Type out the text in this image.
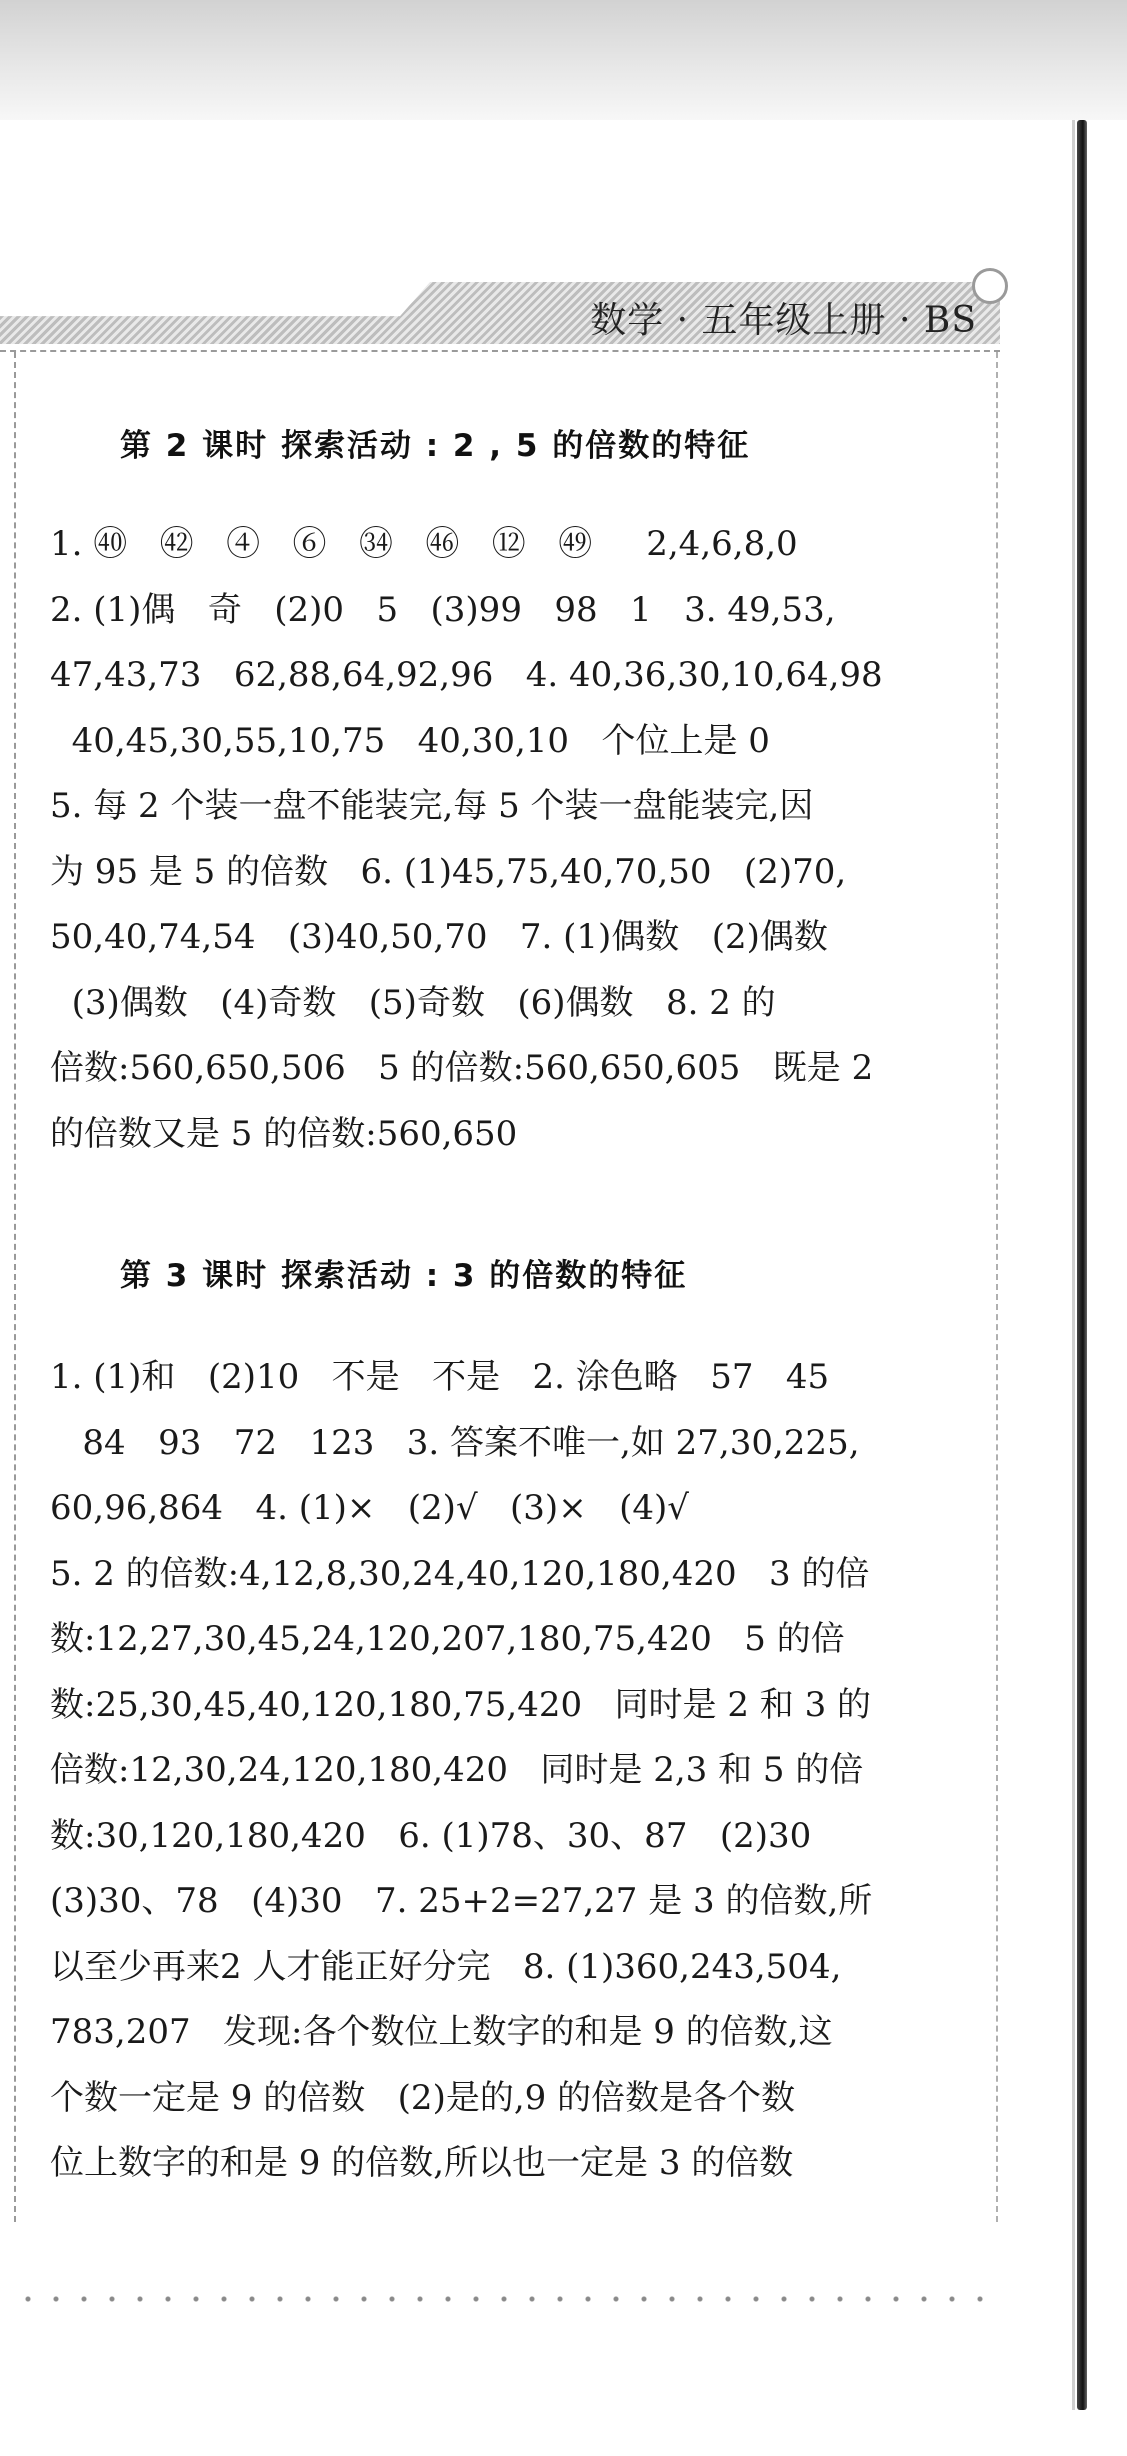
数学 · 五年级上册 · BS
第 2 课时 探索活动 : 2 , 5 的倍数的特征
1. ㊵   ㊷   ④   ⑥   ㉞   ㊻   ⑫   ㊾     2,4,6,8,0
2. (1)偶   奇   (2)0   5   (3)99   98   1   3. 49,53,
47,43,73   62,88,64,92,96   4. 40,36,30,10,64,98
40,45,30,55,10,75   40,30,10   个位上是 0
5. 每 2 个装一盘不能装完,每 5 个装一盘能装完,因
为 95 是 5 的倍数   6. (1)45,75,40,70,50   (2)70,
50,40,74,54   (3)40,50,70   7. (1)偶数   (2)偶数
(3)偶数   (4)奇数   (5)奇数   (6)偶数   8. 2 的
倍数:560,650,506   5 的倍数:560,650,605   既是 2
的倍数又是 5 的倍数:560,650
第 3 课时 探索活动 : 3 的倍数的特征
1. (1)和   (2)10   不是   不是   2. 涂色略   57   45
84   93   72   123   3. 答案不唯一,如 27,30,225,
60,96,864   4. (1)×   (2)√   (3)×   (4)√
5. 2 的倍数:4,12,8,30,24,40,120,180,420   3 的倍
数:12,27,30,45,24,120,207,180,75,420   5 的倍
数:25,30,45,40,120,180,75,420   同时是 2 和 3 的
倍数:12,30,24,120,180,420   同时是 2,3 和 5 的倍
数:30,120,180,420   6. (1)78、30、87   (2)30
(3)30、78   (4)30   7. 25+2=27,27 是 3 的倍数,所
以至少再来2 人才能正好分完   8. (1)360,243,504,
783,207   发现:各个数位上数字的和是 9 的倍数,这
个数一定是 9 的倍数   (2)是的,9 的倍数是各个数
位上数字的和是 9 的倍数,所以也一定是 3 的倍数
